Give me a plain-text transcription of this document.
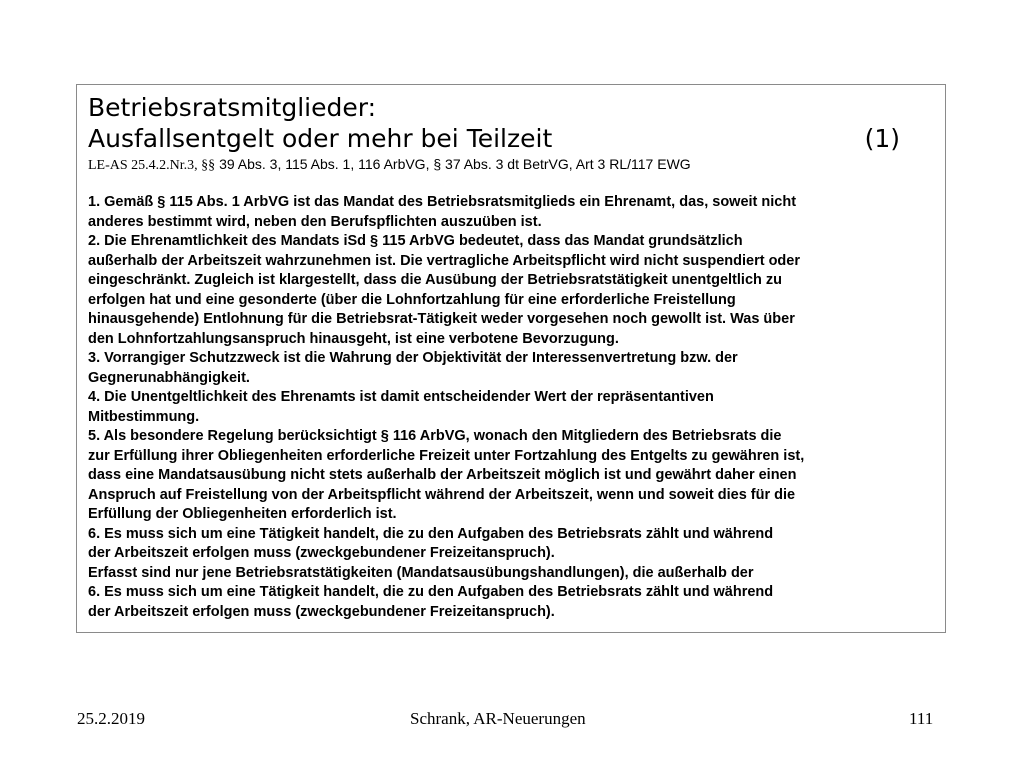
Betriebsratsmitglieder:
Ausfallsentgelt oder mehr bei Teilzeit	(1)
LE-AS 25.4.2.Nr.3, §§ 39 Abs. 3, 115 Abs. 1, 116 ArbVG, § 37 Abs. 3 dt BetrVG, Art 3 RL/117 EWG
1. Gemäß § 115 Abs. 1 ArbVG ist das Mandat des Betriebsratsmitglieds ein Ehrenamt, das, soweit nicht
anderes bestimmt wird, neben den Berufspflichten auszuüben ist.
2. Die Ehrenamtlichkeit des Mandats iSd § 115 ArbVG bedeutet, dass das Mandat grundsätzlich
außerhalb der Arbeitszeit wahrzunehmen ist. Die vertragliche Arbeitspflicht wird nicht suspendiert oder
eingeschränkt. Zugleich ist klargestellt, dass die Ausübung der Betriebsratstätigkeit unentgeltlich zu
erfolgen hat und eine gesonderte (über die Lohnfortzahlung für eine erforderliche Freistellung
hinausgehende) Entlohnung für die Betriebsrat-Tätigkeit weder vorgesehen noch gewollt ist. Was über
den Lohnfortzahlungsanspruch hinausgeht, ist eine verbotene Bevorzugung.
3. Vorrangiger Schutzzweck ist die Wahrung der Objektivität der Interessenvertretung bzw. der
Gegnerunabhängigkeit.
4. Die Unentgeltlichkeit des Ehrenamts ist damit entscheidender Wert der repräsentantiven
Mitbestimmung.
5. Als besondere Regelung berücksichtigt § 116 ArbVG, wonach den Mitgliedern des Betriebsrats die
zur Erfüllung ihrer Obliegenheiten erforderliche Freizeit unter Fortzahlung des Entgelts zu gewähren ist,
dass eine Mandatsausübung nicht stets außerhalb der Arbeitszeit möglich ist und gewährt daher einen
Anspruch auf Freistellung von der Arbeitspflicht während der Arbeitszeit, wenn und soweit dies für die
Erfüllung der Obliegenheiten erforderlich ist.
6. Es muss sich um eine Tätigkeit handelt, die zu den Aufgaben des Betriebsrats zählt und während
der Arbeitszeit erfolgen muss (zweckgebundener Freizeitanspruch).
Erfasst sind nur jene Betriebsratstätigkeiten (Mandatsausübungshandlungen), die außerhalb der
6. Es muss sich um eine Tätigkeit handelt, die zu den Aufgaben des Betriebsrats zählt und während
der Arbeitszeit erfolgen muss (zweckgebundener Freizeitanspruch).
25.2.2019	Schrank, AR-Neuerungen	111
